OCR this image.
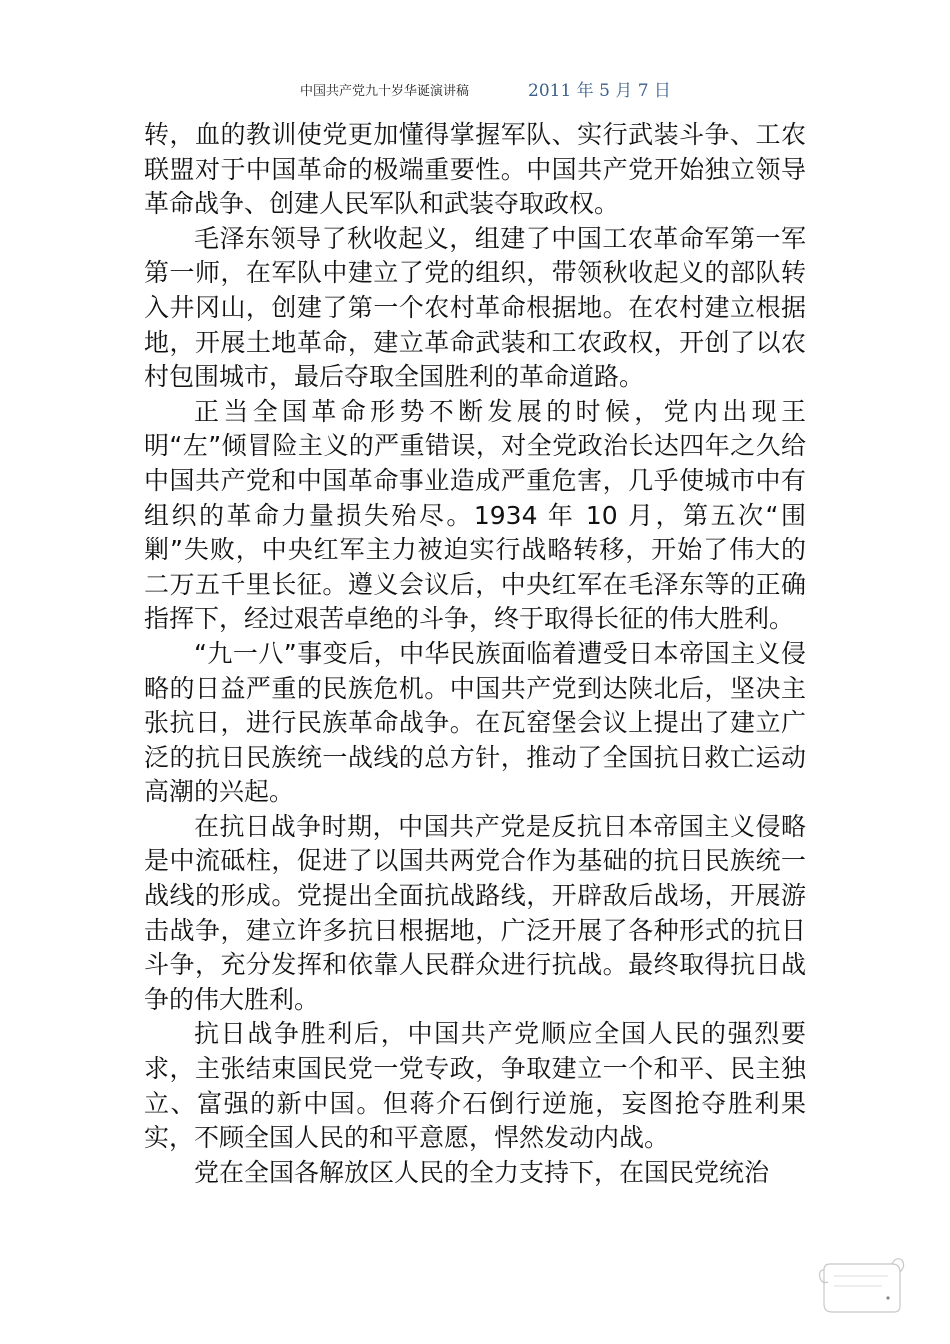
中国共产党九十岁华诞演讲稿	2011 年 5 月 7 日

转，血的教训使党更加懂得掌握军队、实行武装斗争、工农联盟对于中国革命的极端重要性。中国共产党开始独立领导革命战争、创建人民军队和武装夺取政权。

毛泽东领导了秋收起义，组建了中国工农革命军第一军第一师，在军队中建立了党的组织，带领秋收起义的部队转入井冈山，创建了第一个农村革命根据地。在农村建立根据地，开展土地革命，建立革命武装和工农政权，开创了以农村包围城市，最后夺取全国胜利的革命道路。

正当全国革命形势不断发展的时候，党内出现王明“左”倾冒险主义的严重错误，对全党政治长达四年之久给中国共产党和中国革命事业造成严重危害，几乎使城市中有组织的革命力量损失殆尽。1934 年 10 月，第五次“围剿”失败，中央红军主力被迫实行战略转移，开始了伟大的二万五千里长征。遵义会议后，中央红军在毛泽东等的正确指挥下，经过艰苦卓绝的斗争，终于取得长征的伟大胜利。

“九一八”事变后，中华民族面临着遭受日本帝国主义侵略的日益严重的民族危机。中国共产党到达陕北后，坚决主张抗日，进行民族革命战争。在瓦窑堡会议上提出了建立广泛的抗日民族统一战线的总方针，推动了全国抗日救亡运动高潮的兴起。

在抗日战争时期，中国共产党是反抗日本帝国主义侵略是中流砥柱，促进了以国共两党合作为基础的抗日民族统一战线的形成。党提出全面抗战路线，开辟敌后战场，开展游击战争，建立许多抗日根据地，广泛开展了各种形式的抗日斗争，充分发挥和依靠人民群众进行抗战。最终取得抗日战争的伟大胜利。

抗日战争胜利后，中国共产党顺应全国人民的强烈要求，主张结束国民党一党专政，争取建立一个和平、民主独立、富强的新中国。但蒋介石倒行逆施，妄图抢夺胜利果实，不顾全国人民的和平意愿，悍然发动内战。

党在全国各解放区人民的全力支持下，在国民党统治
